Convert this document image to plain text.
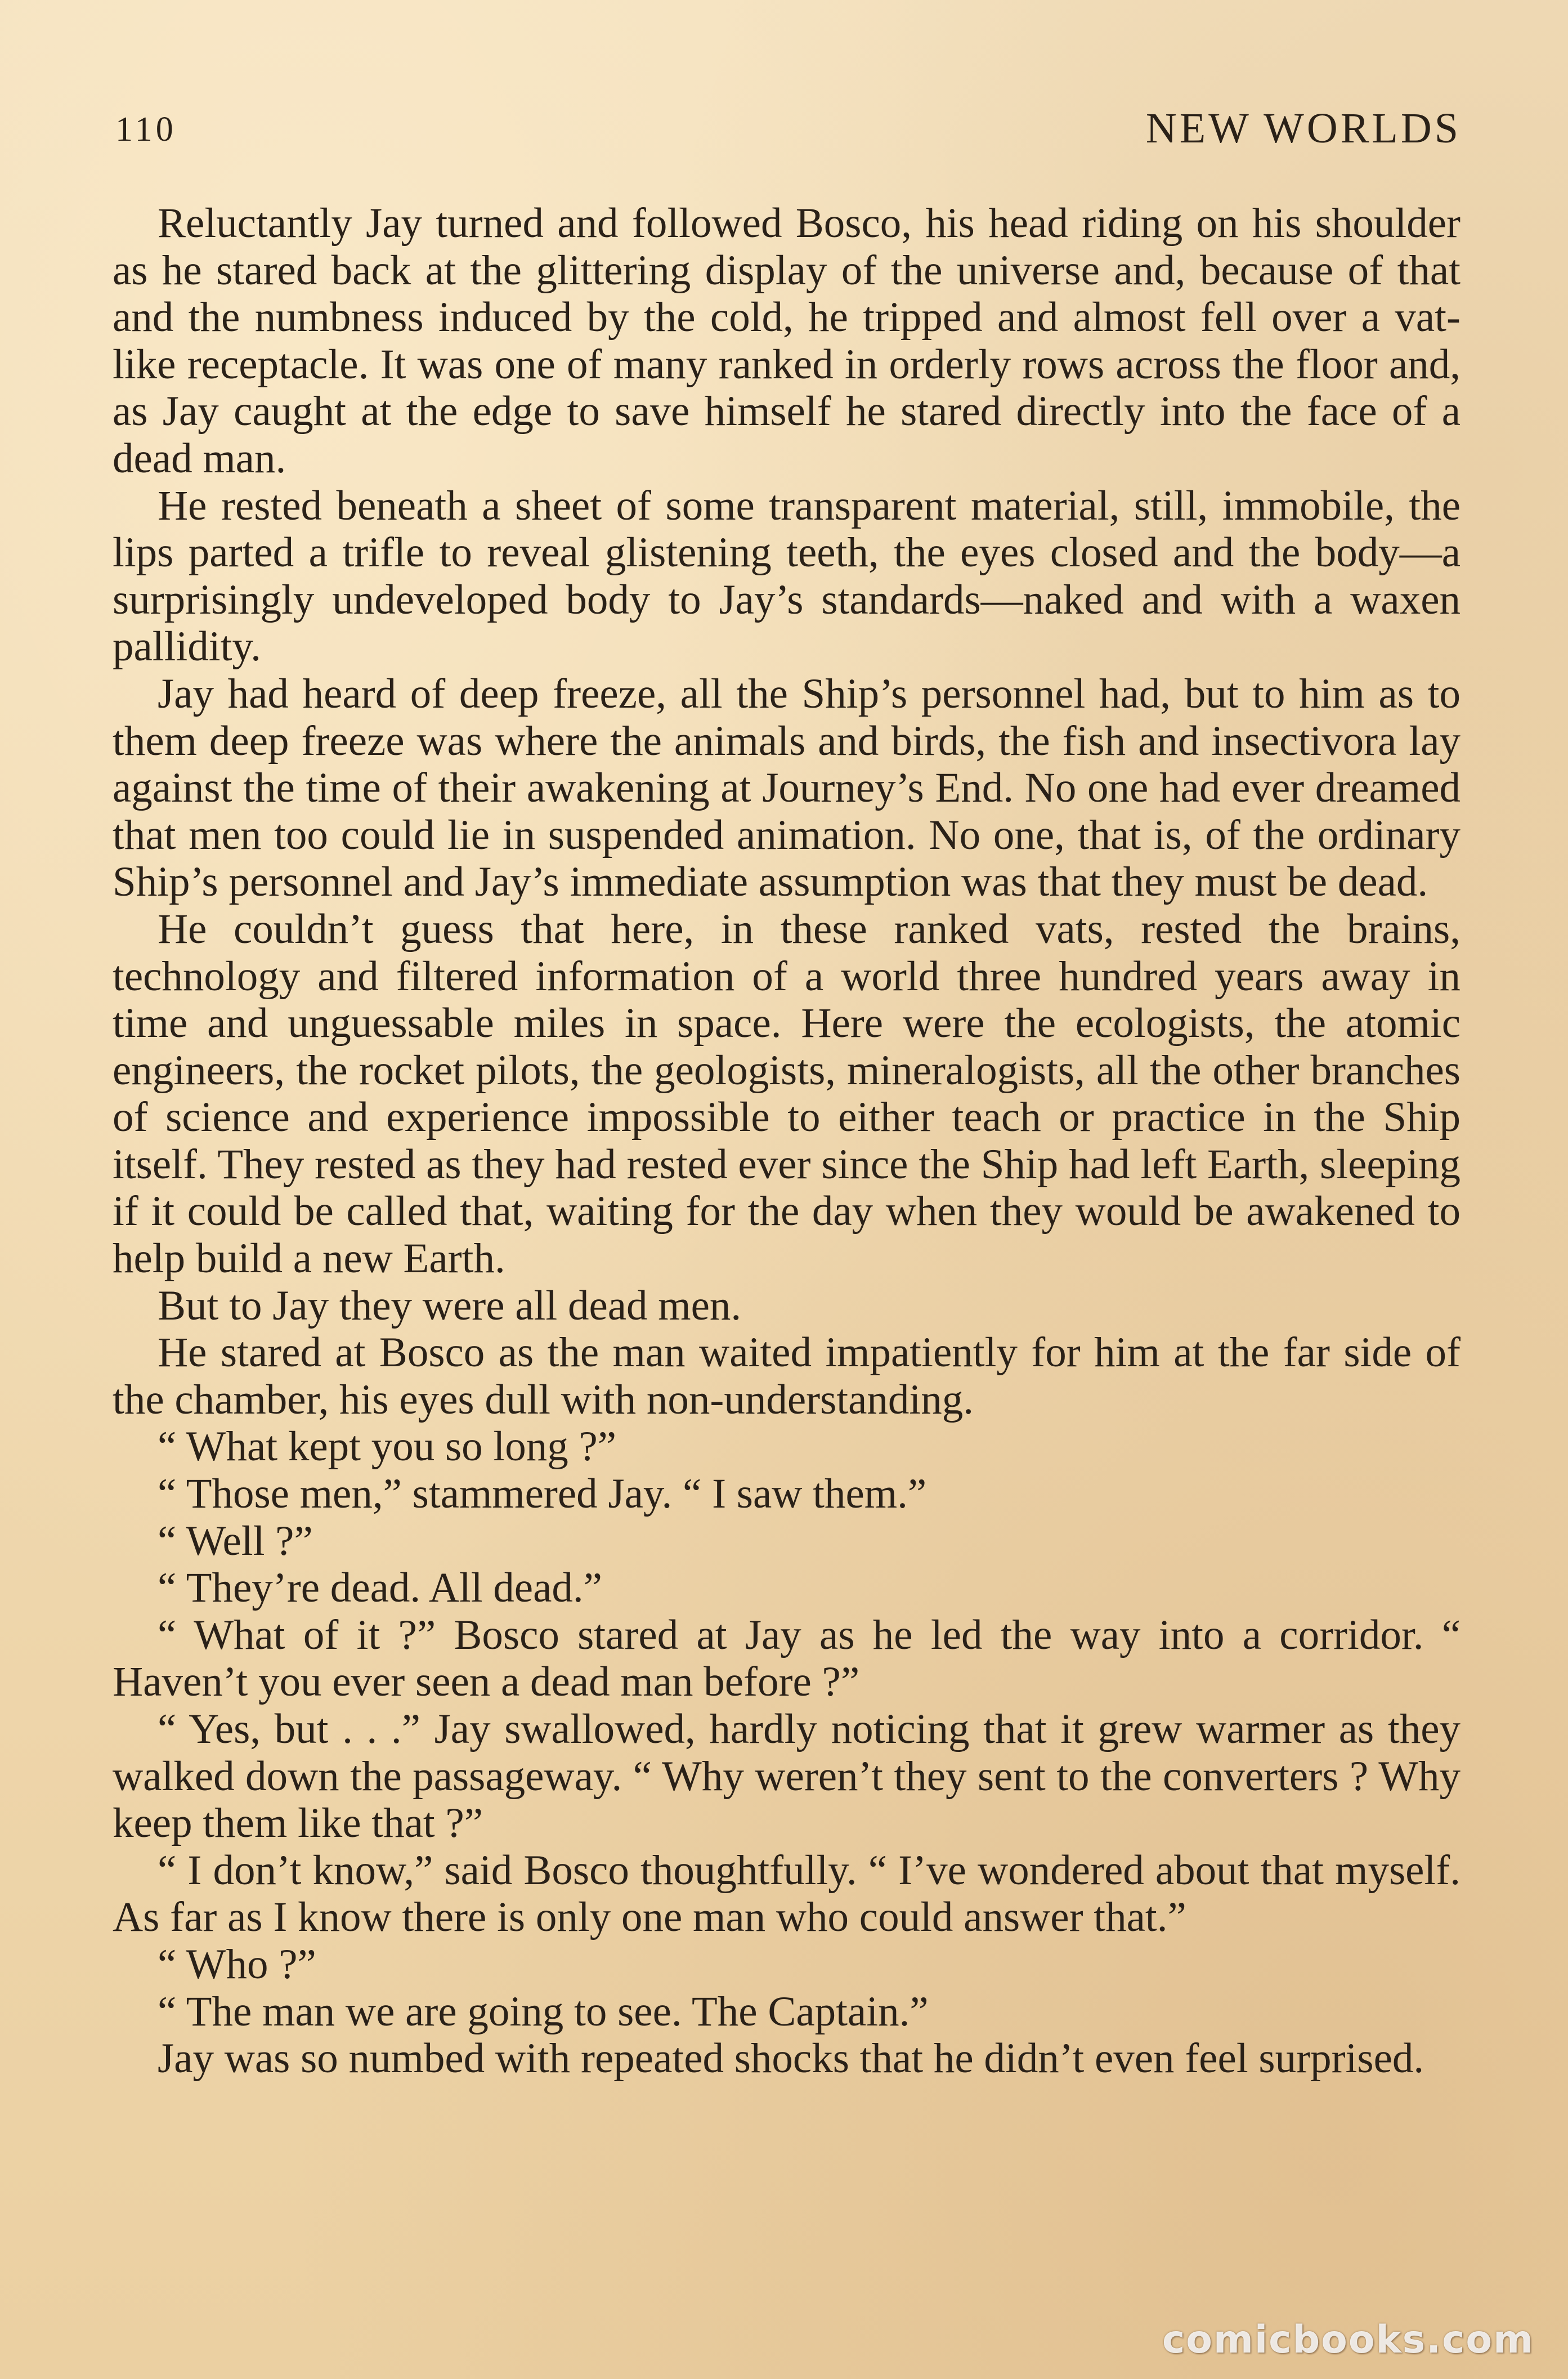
110	NEW WORLDS

Reluctantly Jay turned and followed Bosco, his head riding on his shoulder as he stared back at the glittering display of the universe and, because of that and the numbness induced by the cold, he tripped and almost fell over a vat-like receptacle. It was one of many ranked in orderly rows across the floor and, as Jay caught at the edge to save himself he stared directly into the face of a dead man.

He rested beneath a sheet of some transparent material, still, immobile, the lips parted a trifle to reveal glistening teeth, the eyes closed and the body—a surprisingly undeveloped body to Jay’s standards—naked and with a waxen pallidity.

Jay had heard of deep freeze, all the Ship’s personnel had, but to him as to them deep freeze was where the animals and birds, the fish and insectivora lay against the time of their awakening at Journey’s End. No one had ever dreamed that men too could lie in suspended animation. No one, that is, of the ordinary Ship’s personnel and Jay’s immediate assumption was that they must be dead.

He couldn’t guess that here, in these ranked vats, rested the brains, technology and filtered information of a world three hundred years away in time and unguessable miles in space. Here were the ecologists, the atomic engineers, the rocket pilots, the geologists, mineralogists, all the other branches of science and experience impossible to either teach or practice in the Ship itself. They rested as they had rested ever since the Ship had left Earth, sleeping if it could be called that, waiting for the day when they would be awakened to help build a new Earth.

But to Jay they were all dead men.

He stared at Bosco as the man waited impatiently for him at the far side of the chamber, his eyes dull with non-understanding.

“ What kept you so long ?”

“ Those men,” stammered Jay. “ I saw them.”

“ Well ?”

“ They’re dead. All dead.”

“ What of it ?” Bosco stared at Jay as he led the way into a corridor. “ Haven’t you ever seen a dead man before ?”

“ Yes, but . . .” Jay swallowed, hardly noticing that it grew warmer as they walked down the passageway. “ Why weren’t they sent to the converters ? Why keep them like that ?”

“ I don’t know,” said Bosco thoughtfully. “ I’ve wondered about that myself. As far as I know there is only one man who could answer that.”

“ Who ?”

“ The man we are going to see. The Captain.”

Jay was so numbed with repeated shocks that he didn’t even feel surprised.

comicbooks.com
